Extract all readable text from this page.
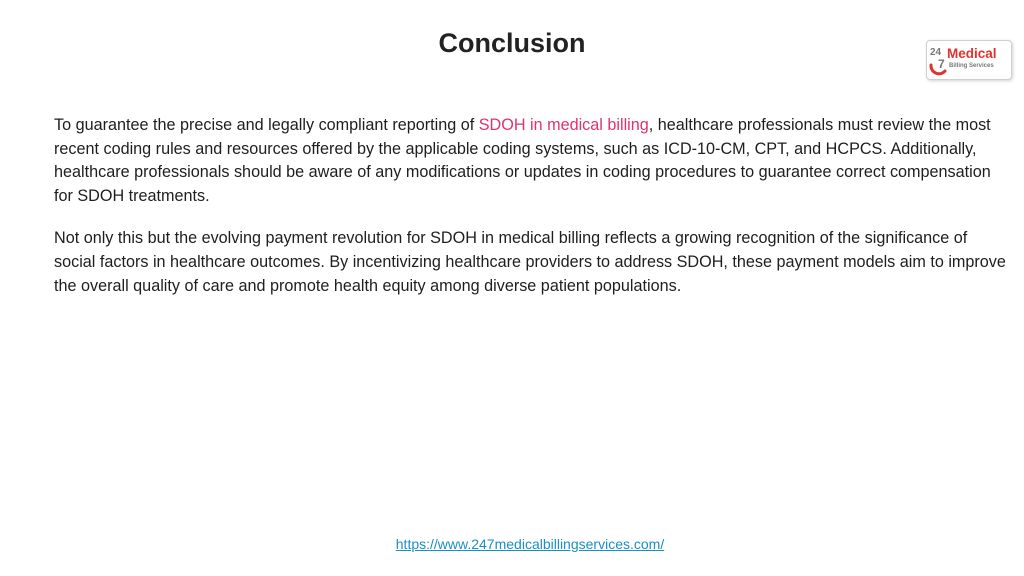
Conclusion	24
7
Medical
Billing Services

To guarantee the precise and legally compliant reporting of SDOH in medical billing, healthcare professionals must review the most recent coding rules and resources offered by the applicable coding systems, such as ICD-10-CM, CPT, and HCPCS. Additionally, healthcare professionals should be aware of any modifications or updates in coding procedures to guarantee correct compensation for SDOH treatments.

Not only this but the evolving payment revolution for SDOH in medical billing reflects a growing recognition of the significance of social factors in healthcare outcomes. By incentivizing healthcare providers to address SDOH, these payment models aim to improve the overall quality of care and promote health equity among diverse patient populations.

https://www.247medicalbillingservices.com/
